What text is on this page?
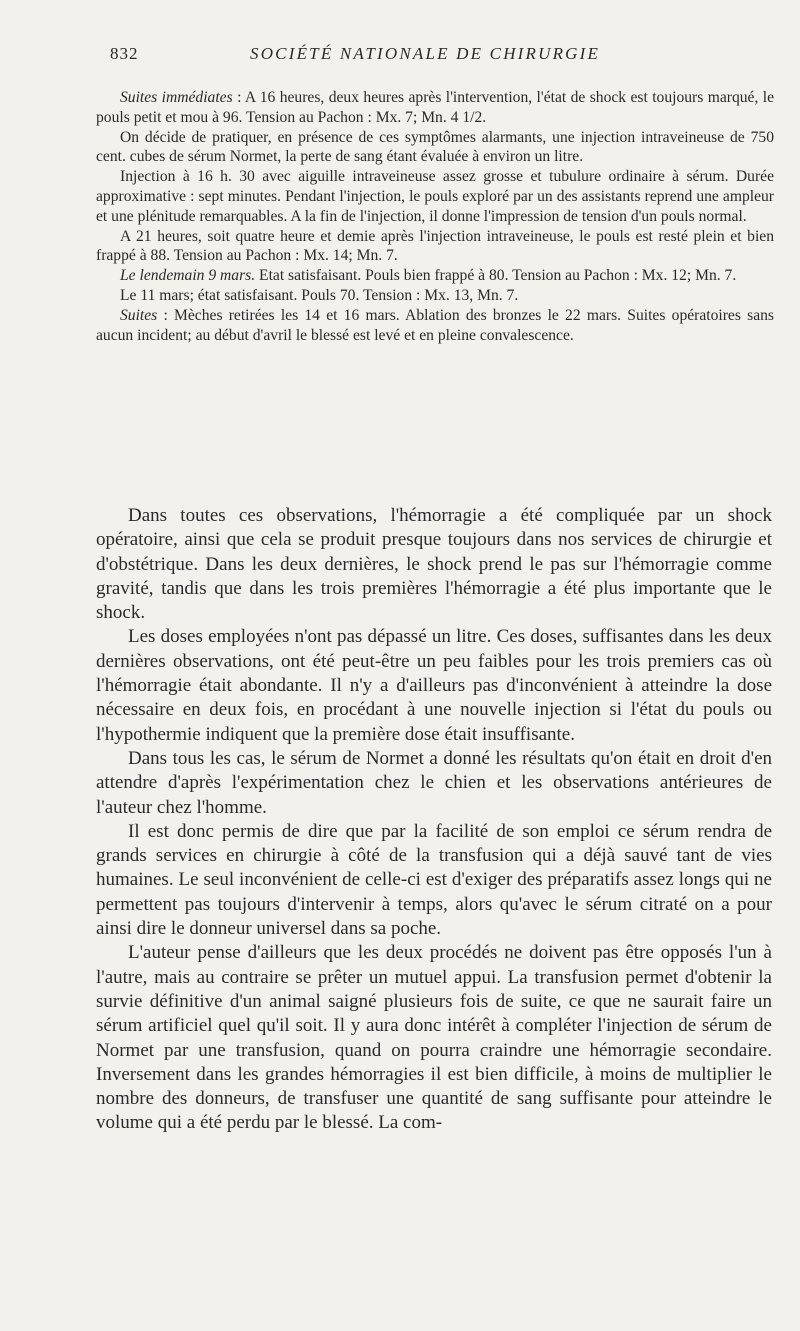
832	SOCIÉTÉ NATIONALE DE CHIRURGIE

Suites immédiates : A 16 heures, deux heures après l'intervention, l'état de shock est toujours marqué, le pouls petit et mou à 96. Tension au Pachon : Mx. 7; Mn. 4 1/2.

On décide de pratiquer, en présence de ces symptômes alarmants, une injection intraveineuse de 750 cent. cubes de sérum Normet, la perte de sang étant évaluée à environ un litre.

Injection à 16 h. 30 avec aiguille intraveineuse assez grosse et tubulure ordinaire à sérum. Durée approximative : sept minutes. Pendant l'injection, le pouls exploré par un des assistants reprend une ampleur et une plénitude remarquables. A la fin de l'injection, il donne l'impression de tension d'un pouls normal.

A 21 heures, soit quatre heure et demie après l'injection intraveineuse, le pouls est resté plein et bien frappé à 88. Tension au Pachon : Mx. 14; Mn. 7.

Le lendemain 9 mars. Etat satisfaisant. Pouls bien frappé à 80. Tension au Pachon : Mx. 12; Mn. 7.

Le 11 mars; état satisfaisant. Pouls 70. Tension : Mx. 13, Mn. 7.

Suites : Mèches retirées les 14 et 16 mars. Ablation des bronzes le 22 mars. Suites opératoires sans aucun incident; au début d'avril le blessé est levé et en pleine convalescence.

Dans toutes ces observations, l'hémorragie a été compliquée par un shock opératoire, ainsi que cela se produit presque toujours dans nos services de chirurgie et d'obstétrique. Dans les deux dernières, le shock prend le pas sur l'hémorragie comme gravité, tandis que dans les trois premières l'hémorragie a été plus importante que le shock.

Les doses employées n'ont pas dépassé un litre. Ces doses, suffisantes dans les deux dernières observations, ont été peut-être un peu faibles pour les trois premiers cas où l'hémorragie était abondante. Il n'y a d'ailleurs pas d'inconvénient à atteindre la dose nécessaire en deux fois, en procédant à une nouvelle injection si l'état du pouls ou l'hypothermie indiquent que la première dose était insuffisante.

Dans tous les cas, le sérum de Normet a donné les résultats qu'on était en droit d'en attendre d'après l'expérimentation chez le chien et les observations antérieures de l'auteur chez l'homme.

Il est donc permis de dire que par la facilité de son emploi ce sérum rendra de grands services en chirurgie à côté de la transfusion qui a déjà sauvé tant de vies humaines. Le seul inconvénient de celle-ci est d'exiger des préparatifs assez longs qui ne permettent pas toujours d'intervenir à temps, alors qu'avec le sérum citraté on a pour ainsi dire le donneur universel dans sa poche.

L'auteur pense d'ailleurs que les deux procédés ne doivent pas être opposés l'un à l'autre, mais au contraire se prêter un mutuel appui. La transfusion permet d'obtenir la survie définitive d'un animal saigné plusieurs fois de suite, ce que ne saurait faire un sérum artificiel quel qu'il soit. Il y aura donc intérêt à compléter l'injection de sérum de Normet par une transfusion, quand on pourra craindre une hémorragie secondaire. Inversement dans les grandes hémorragies il est bien difficile, à moins de multiplier le nombre des donneurs, de transfuser une quantité de sang suffisante pour atteindre le volume qui a été perdu par le blessé. La com-
